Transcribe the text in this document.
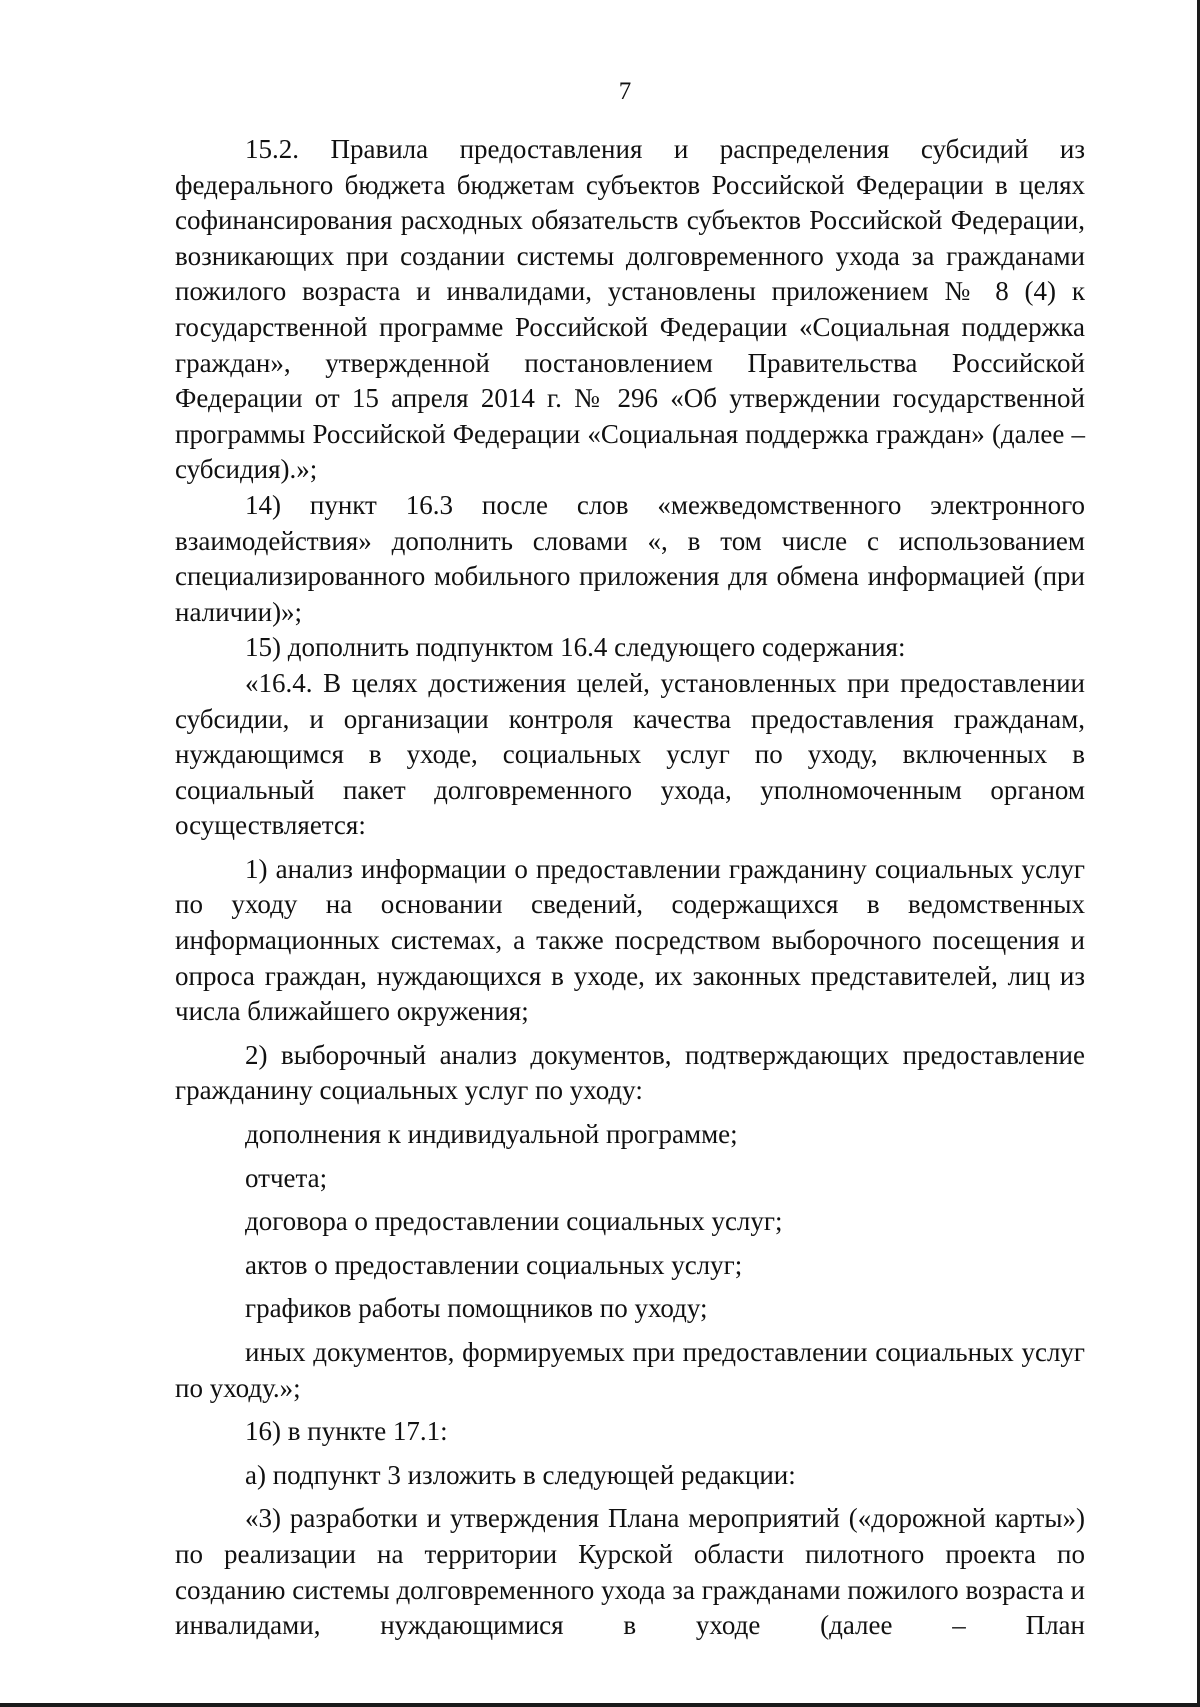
7

15.2. Правила предоставления и распределения субсидий из федерального бюджета бюджетам субъектов Российской Федерации в целях софинансирования расходных обязательств субъектов Российской Федерации, возникающих при создании системы долговременного ухода за гражданами пожилого возраста и инвалидами, установлены приложением № 8 (4) к государственной программе Российской Федерации «Социальная поддержка граждан», утвержденной постановлением Правительства Российской Федерации от 15 апреля 2014 г. № 296 «Об утверждении государственной программы Российской Федерации «Социальная поддержка граждан» (далее – субсидия).»;

14) пункт 16.3 после слов «межведомственного электронного взаимодействия» дополнить словами «, в том числе с использованием специализированного мобильного приложения для обмена информацией (при наличии)»;

15) дополнить подпунктом 16.4 следующего содержания:

«16.4. В целях достижения целей, установленных при предоставлении субсидии, и организации контроля качества предоставления гражданам, нуждающимся в уходе, социальных услуг по уходу, включенных в социальный пакет долговременного ухода, уполномоченным органом осуществляется:

1) анализ информации о предоставлении гражданину социальных услуг по уходу на основании сведений, содержащихся в ведомственных информационных системах, а также посредством выборочного посещения и опроса граждан, нуждающихся в уходе, их законных представителей, лиц из числа ближайшего окружения;

2) выборочный анализ документов, подтверждающих предоставление гражданину социальных услуг по уходу:

дополнения к индивидуальной программе;

отчета;

договора о предоставлении социальных услуг;

актов о предоставлении социальных услуг;

графиков работы помощников по уходу;

иных документов, формируемых при предоставлении социальных услуг по уходу.»;

16) в пункте 17.1:

а) подпункт 3 изложить в следующей редакции:

«3) разработки и утверждения Плана мероприятий («дорожной карты») по реализации на территории Курской области пилотного проекта по созданию системы долговременного ухода за гражданами пожилого возраста и инвалидами, нуждающимися в уходе (далее – План
